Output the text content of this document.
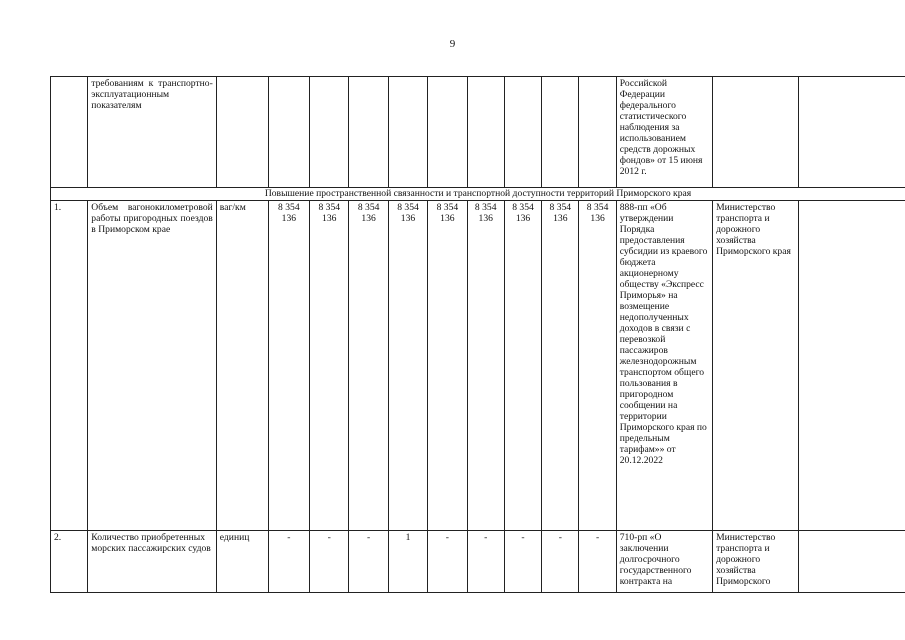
9
	требованиям к транспортно-эксплуатационным показателям											Российской Федерации федерального статистического наблюдения за использованием средств дорожных фондов» от 15 июня 2012 г.		
Повышение пространственной связанности и транспортной доступности территорий Приморского края														
1.	Объем вагонокилометровой работы пригородных поездов в Приморском крае	ваг/км	8 354 136	8 354 136	8 354 136	8 354 136	8 354 136	8 354 136	8 354 136	8 354 136	8 354 136	888-пп «Об утверждении Порядка предоставления субсидии из краевого бюджета акционерному обществу «Экспресс Приморья» на возмещение недополученных доходов в связи с перевозкой пассажиров железнодорожным транспортом общего пользования в пригородном сообщении на территории Приморского края по предельным тарифам»» от 20.12.2022	Министерство транспорта и дорожного хозяйства Приморского края	
2.	Количество приобретенных морских пассажирских судов	единиц	-	-	-	1	-	-	-	-	-	710-рп «О заключении долгосрочного государственного контракта на	Министерство транспорта и дорожного хозяйства Приморского	
